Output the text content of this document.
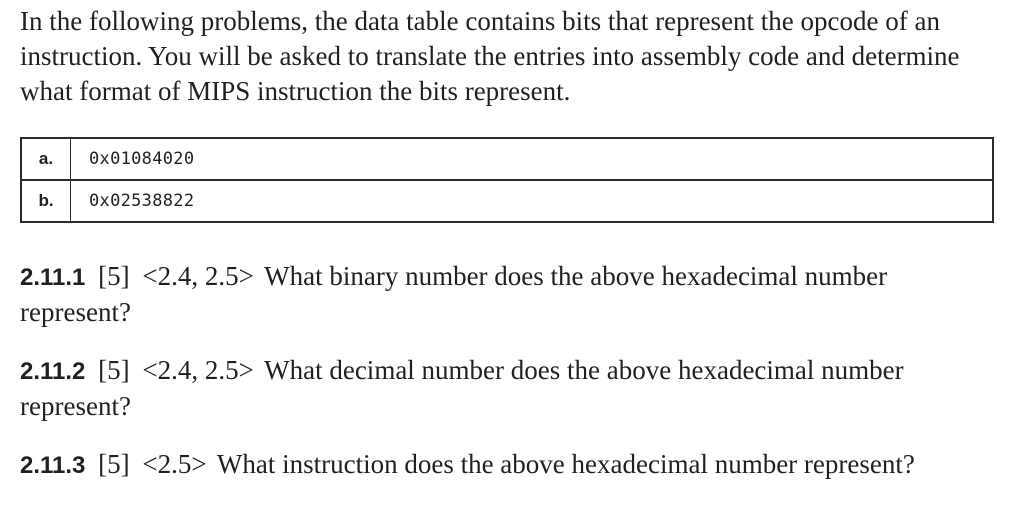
In the following problems, the data table contains bits that represent the opcode of an instruction. You will be asked to translate the entries into assembly code and determine what format of MIPS instruction the bits represent.

a.	0x01084020
b.	0x02538822

2.11.1 [5] <2.4, 2.5> What binary number does the above hexadecimal number represent?

2.11.2 [5] <2.4, 2.5> What decimal number does the above hexadecimal number represent?

2.11.3 [5] <2.5> What instruction does the above hexadecimal number represent?
